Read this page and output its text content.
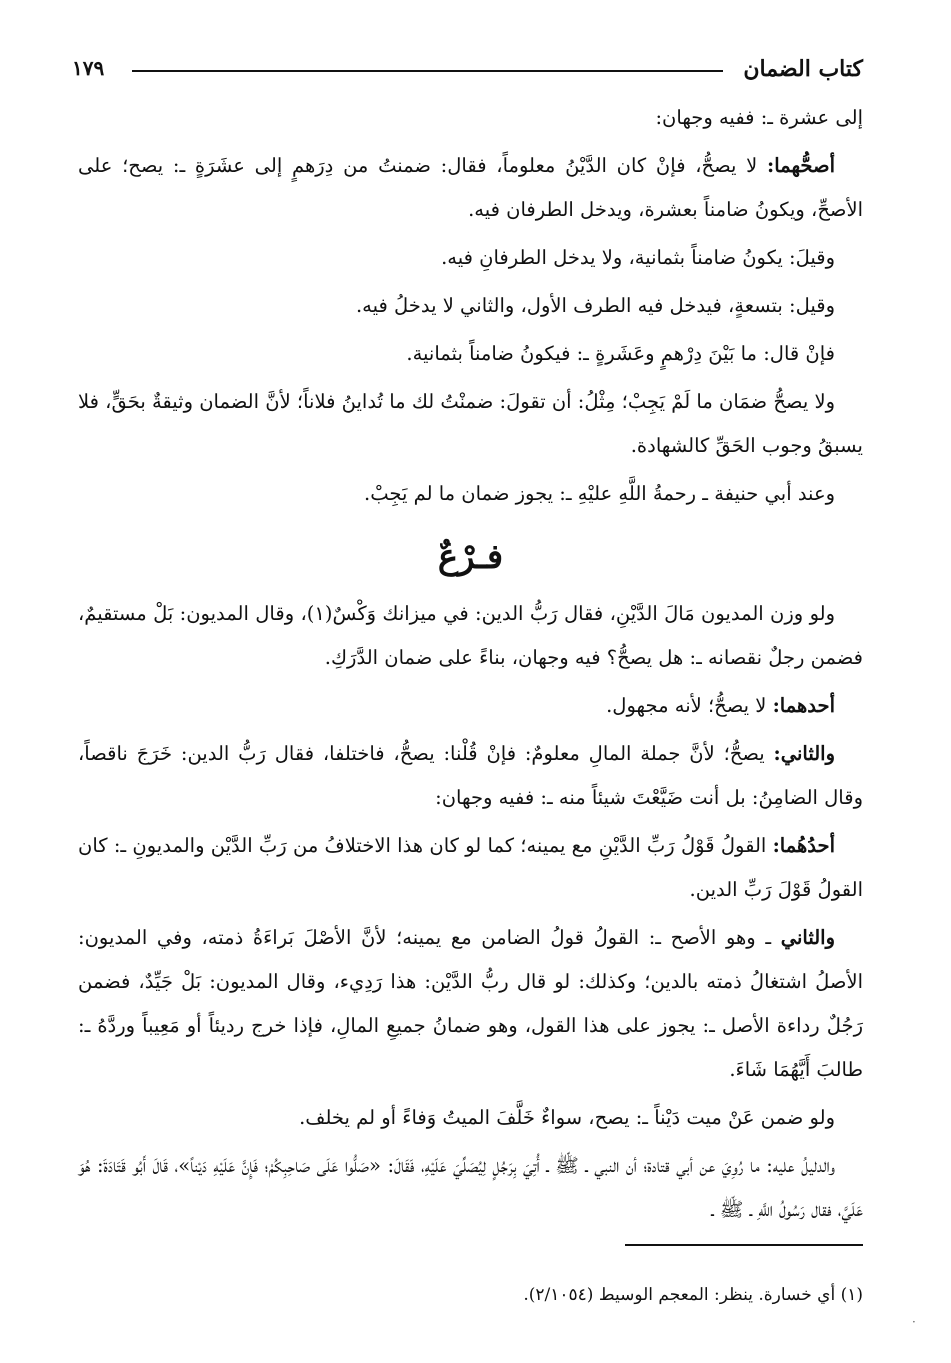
كتاب الضمان
١٧٩

إلى عشرة ـ: ففيه وجهان:

أصحُّهما: لا يصحُّ، فإنْ كان الدَّيْنُ معلوماً، فقال: ضمنتُ من دِرَهمٍ إلى عشَرَةٍ ـ: يصح؛ على الأصحِّ، ويكونُ ضامناً بعشرة، ويدخل الطرفان فيه.

وقيلَ: يكونُ ضامناً بثمانية، ولا يدخل الطرفانِ فيه.

وقيل: بتسعةٍ، فيدخل فيه الطرف الأول، والثاني لا يدخلُ فيه.

فإنْ قال: ما بَيْنَ دِرْهمٍ وعَشَرةٍ ـ: فيكونُ ضامناً بثمانية.

ولا يصحُّ ضمَان ما لَمْ يَجِبْ؛ مِثْلُ: أن تقولَ: ضمنْتُ لك ما تُداينُ فلاناً؛ لأنَّ الضمان وثيقةٌ بحَقٍّ، فلا يسبقُ وجوب الحَقِّ كالشهادة.

وعند أبي حنيفة ـ رحمةُ اللَّهِ عليْهِ ـ: يجوز ضمان ما لم يَجِبْ.

فـرْعٌ

ولو وزن المديون مَالَ الدَّيْنِ، فقال رَبُّ الدين: في ميزانك وَكْسٌ(١)، وقال المديون: بَلْ مستقيمٌ، فضمن رجلٌ نقصانه ـ: هل يصحُّ؟ فيه وجهان، بناءً على ضمان الدَّرَكِ.

أحدهما: لا يصحُّ؛ لأنه مجهول.

والثاني: يصحُّ؛ لأنَّ جملة المالِ معلومٌ: فإنْ قُلْنا: يصحُّ، فاختلفا، فقال رَبُّ الدين: خَرَجَ ناقصاً، وقال الضامِنُ: بل أنت ضَيَّعْتَ شيئاً منه ـ: ففيه وجهان:

أحدُهُما: القولُ قَوْلُ رَبِّ الدَّيْنِ مع يمينه؛ كما لو كان هذا الاختلافُ من رَبِّ الدَّيْن والمديونِ ـ: كان القولُ قَوْلَ رَبِّ الدين.

والثاني ـ وهو الأصح ـ: القولُ قولُ الضامن مع يمينه؛ لأنَّ الأصْلَ بَراءَةُ ذمته، وفي المديون: الأصلُ اشتغالُ ذمته بالدين؛ وكذلك: لو قال ربُّ الدَّيْن: هذا رَدِيء، وقال المديون: بَلْ جَيِّدٌ، فضمن رَجُلٌ رداءة الأصل ـ: يجوز على هذا القول، وهو ضمانُ جميعِ المالِ، فإذا خرج رديئاً أو مَعِيباً وردَّهُ ـ: طالبَ أَيَّهُمَا شَاءَ.

ولو ضمن عَنْ ميت دَيْناً ـ: يصح، سواءٌ خَلَّفَ الميتُ وَفاءً أو لم يخلف.

والدليلُ عليه: ما رُوِيَ عن أبي قتادة؛ أن النبي ـ ﷺ ـ أُتِيَ بِرَجُلٍ لِيُصَلِّيَ عَلَيْهِ، فَقَالَ: «صَلُّوا عَلَى صَاحِبِكُمْ؛ فَإِنَّ عَلَيْهِ دَيْناً»، قَالَ أَبُو قَتَادَةَ: هُوَ عَلَيَّ، فقال رَسُولُ اللَّهِ ـ ﷺ ـ

(١) أي خسارة. ينظر: المعجم الوسيط (٢/١٠٥٤).
·
